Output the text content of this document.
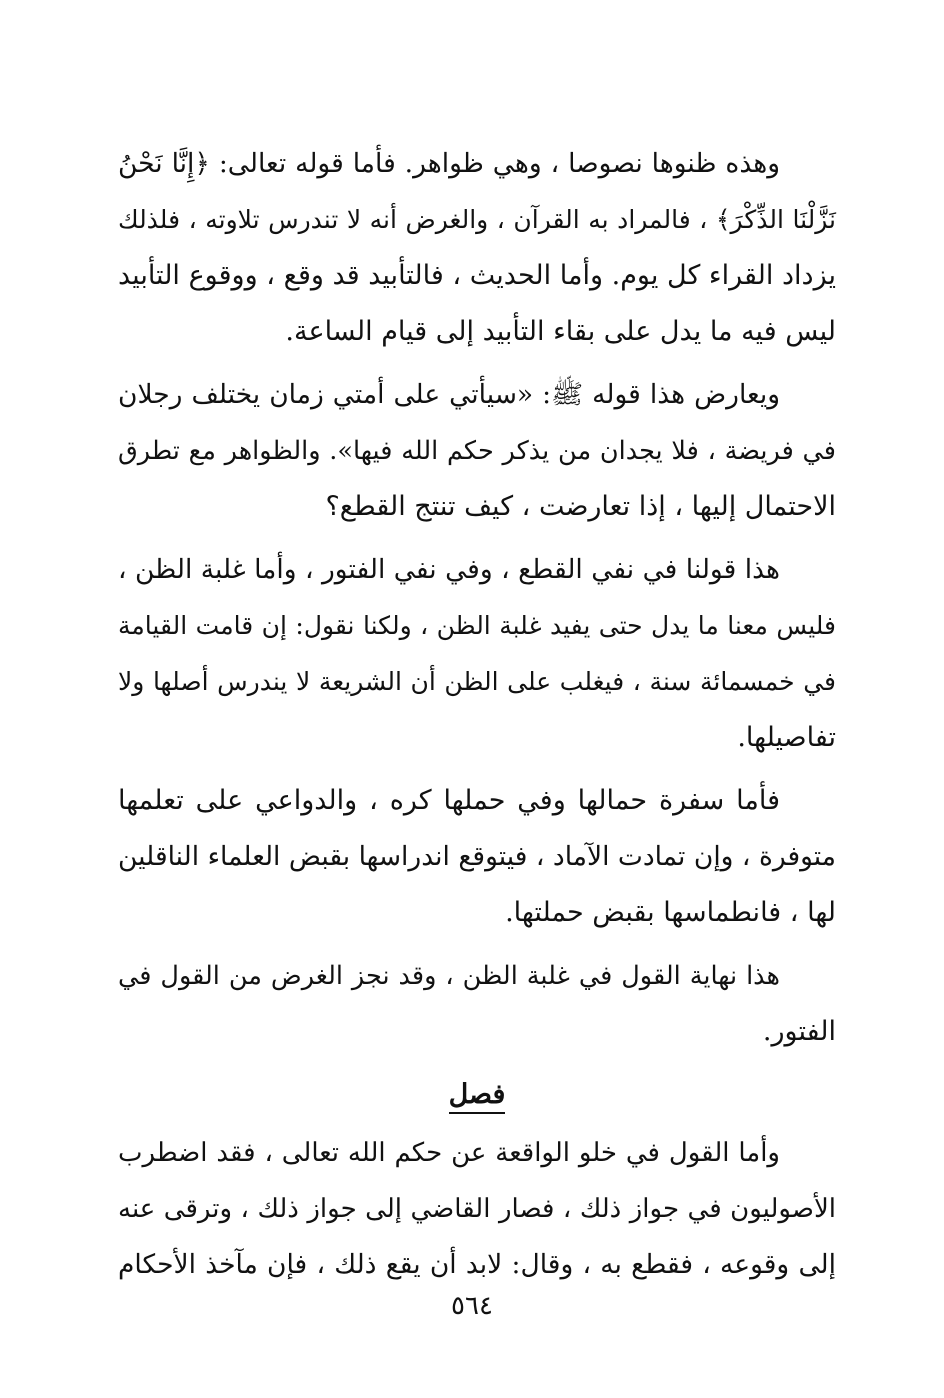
وهذه ظنوها نصوصا ، وهي ظواهر. فأما قوله تعالى: ﴿إِنَّا نَحْنُ
نَزَّلْنَا الذِّكْرَ﴾ ، فالمراد به القرآن ، والغرض أنه لا تندرس تلاوته ، فلذلك
يزداد القراء كل يوم. وأما الحديث ، فالتأبيد قد وقع ، ووقوع التأبيد
ليس فيه ما يدل على بقاء التأبيد إلى قيام الساعة.
ويعارض هذا قوله ﷺ: «سيأتي على أمتي زمان يختلف رجلان
في فريضة ، فلا يجدان من يذكر حكم الله فيها». والظواهر مع تطرق
الاحتمال إليها ، إذا تعارضت ، كيف تنتج القطع؟
هذا قولنا في نفي القطع ، وفي نفي الفتور ، وأما غلبة الظن ،
فليس معنا ما يدل حتى يفيد غلبة الظن ، ولكنا نقول: إن قامت القيامة
في خمسمائة سنة ، فيغلب على الظن أن الشريعة لا يندرس أصلها ولا
تفاصيلها.
فأما سفرة حمالها وفي حملها كره ، والدواعي على تعلمها
متوفرة ، وإن تمادت الآماد ، فيتوقع اندراسها بقبض العلماء الناقلين
لها ، فانطماسها بقبض حملتها.
هذا نهاية القول في غلبة الظن ، وقد نجز الغرض من القول في
الفتور.
فصل
وأما القول في خلو الواقعة عن حكم الله تعالى ، فقد اضطرب
الأصوليون في جواز ذلك ، فصار القاضي إلى جواز ذلك ، وترقى عنه
إلى وقوعه ، فقطع به ، وقال: لابد أن يقع ذلك ، فإن مآخذ الأحكام
٥٦٤
